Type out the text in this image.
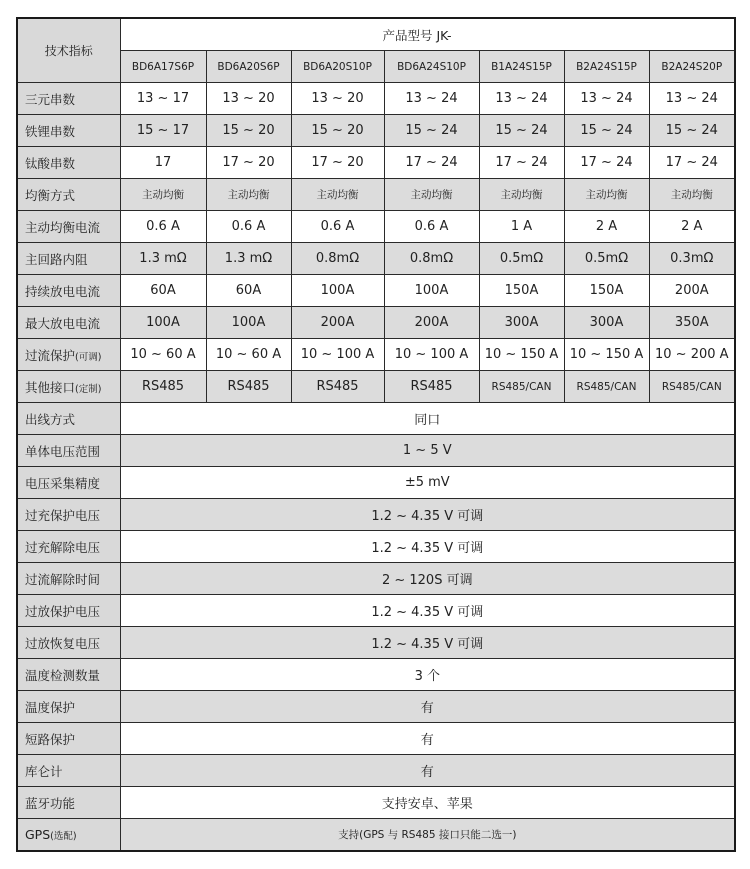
技术指标	产品型号 JK-						
	BD6A17S6P	BD6A20S6P	BD6A20S10P	BD6A24S10P	B1A24S15P	B2A24S15P	B2A24S20P
三元串数	13 ~ 17	13 ~ 20	13 ~ 20	13 ~ 24	13 ~ 24	13 ~ 24	13 ~ 24
铁锂串数	15 ~ 17	15 ~ 20	15 ~ 20	15 ~ 24	15 ~ 24	15 ~ 24	15 ~ 24
钛酸串数	17	17 ~ 20	17 ~ 20	17 ~ 24	17 ~ 24	17 ~ 24	17 ~ 24
均衡方式	主动均衡	主动均衡	主动均衡	主动均衡	主动均衡	主动均衡	主动均衡
主动均衡电流	0.6 A	0.6 A	0.6 A	0.6 A	1 A	2 A	2 A
主回路内阻	1.3 mΩ	1.3 mΩ	0.8mΩ	0.8mΩ	0.5mΩ	0.5mΩ	0.3mΩ
持续放电电流	60A	60A	100A	100A	150A	150A	200A
最大放电电流	100A	100A	200A	200A	300A	300A	350A
过流保护(可调)	10 ~ 60 A	10 ~ 60 A	10 ~ 100 A	10 ~ 100 A	10 ~ 150 A	10 ~ 150 A	10 ~ 200 A
其他接口(定制)	RS485	RS485	RS485	RS485	RS485/CAN	RS485/CAN	RS485/CAN
出线方式	同口						
单体电压范围	1 ~ 5 V						
电压采集精度	±5 mV						
过充保护电压	1.2 ~ 4.35 V 可调						
过充解除电压	1.2 ~ 4.35 V 可调						
过流解除时间	2 ~ 120S 可调						
过放保护电压	1.2 ~ 4.35 V 可调						
过放恢复电压	1.2 ~ 4.35 V 可调						
温度检测数量	3 个						
温度保护	有						
短路保护	有						
库仑计	有						
蓝牙功能	支持安卓、苹果						
GPS(选配)	支持(GPS 与 RS485 接口只能二选一)						
